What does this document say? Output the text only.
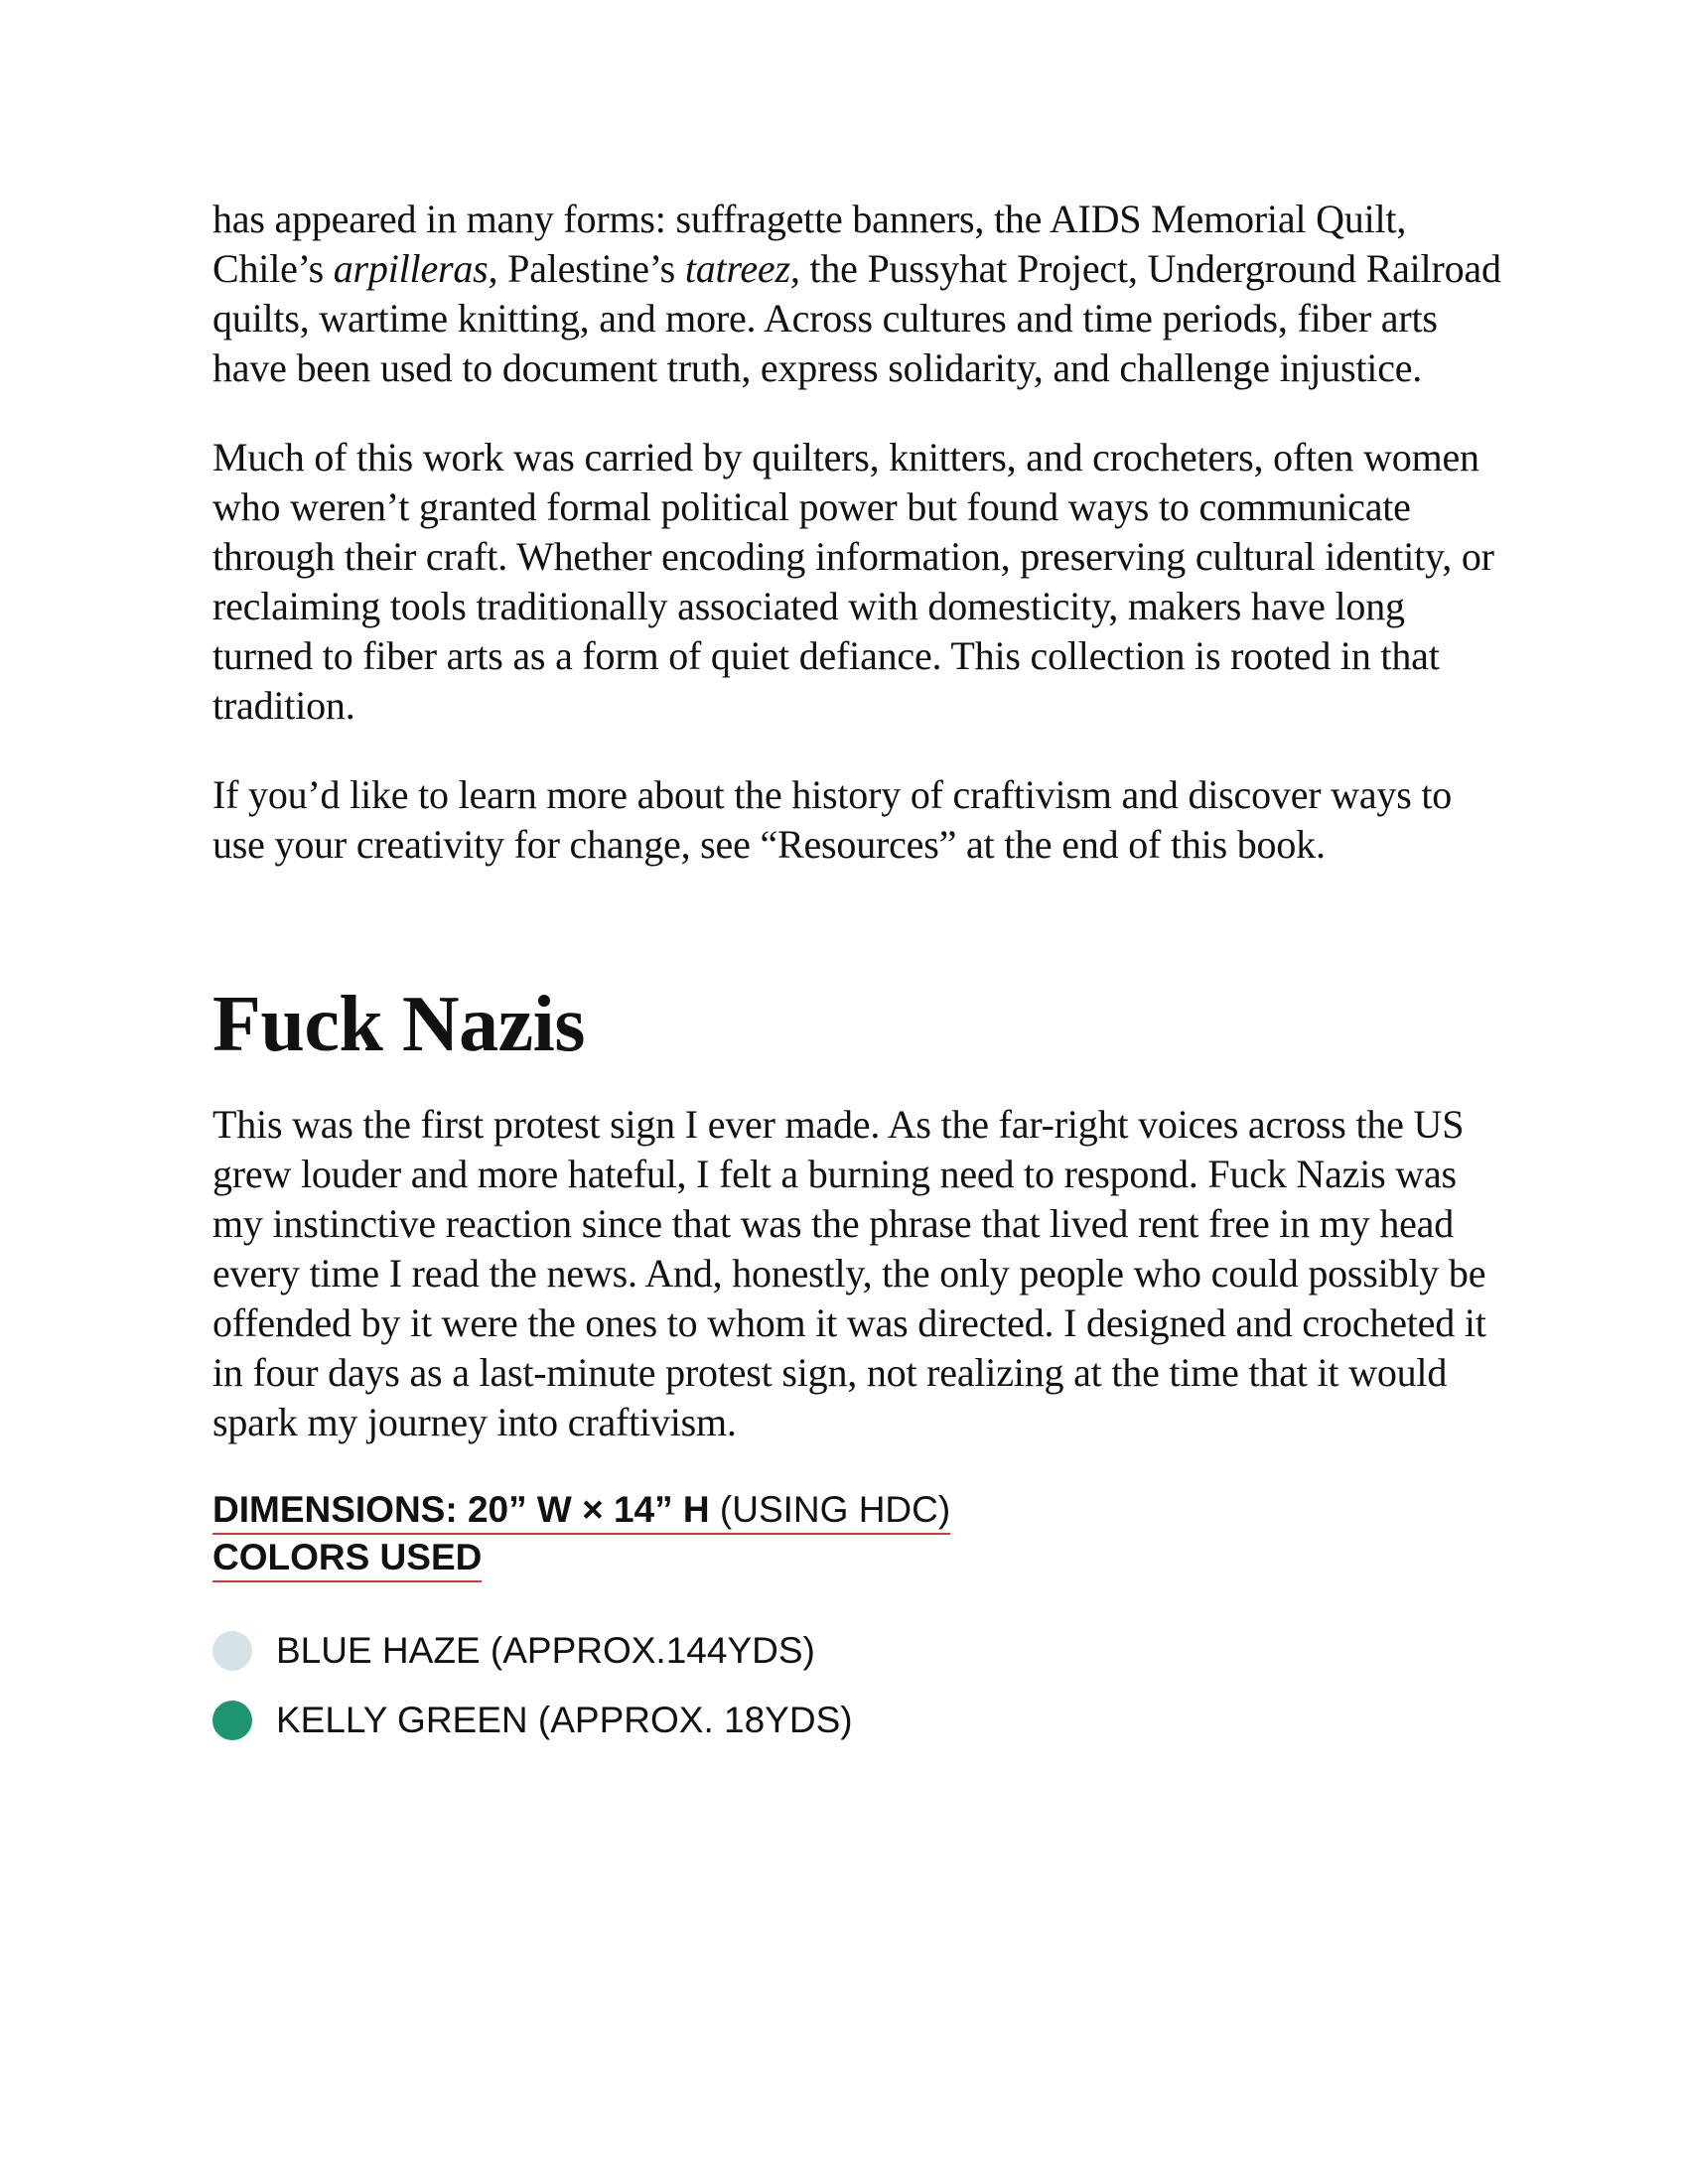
has appeared in many forms: suffragette banners, the AIDS Memorial Quilt, Chile’s arpilleras, Palestine’s tatreez, the Pussyhat Project, Underground Railroad quilts, wartime knitting, and more. Across cultures and time periods, fiber arts have been used to document truth, express solidarity, and challenge injustice.

Much of this work was carried by quilters, knitters, and crocheters, often women who weren’t granted formal political power but found ways to communicate through their craft. Whether encoding information, preserving cultural identity, or reclaiming tools traditionally associated with domesticity, makers have long turned to fiber arts as a form of quiet defiance. This collection is rooted in that tradition.

If you’d like to learn more about the history of craftivism and discover ways to use your creativity for change, see “Resources” at the end of this book.

Fuck Nazis

This was the first protest sign I ever made. As the far-right voices across the US grew louder and more hateful, I felt a burning need to respond. Fuck Nazis was my instinctive reaction since that was the phrase that lived rent free in my head every time I read the news. And, honestly, the only people who could possibly be offended by it were the ones to whom it was directed. I designed and crocheted it in four days as a last-minute protest sign, not realizing at the time that it would spark my journey into craftivism.

DIMENSIONS: 20” W × 14” H (USING HDC)
COLORS USED
BLUE HAZE (APPROX.144YDS)
KELLY GREEN (APPROX. 18YDS)
